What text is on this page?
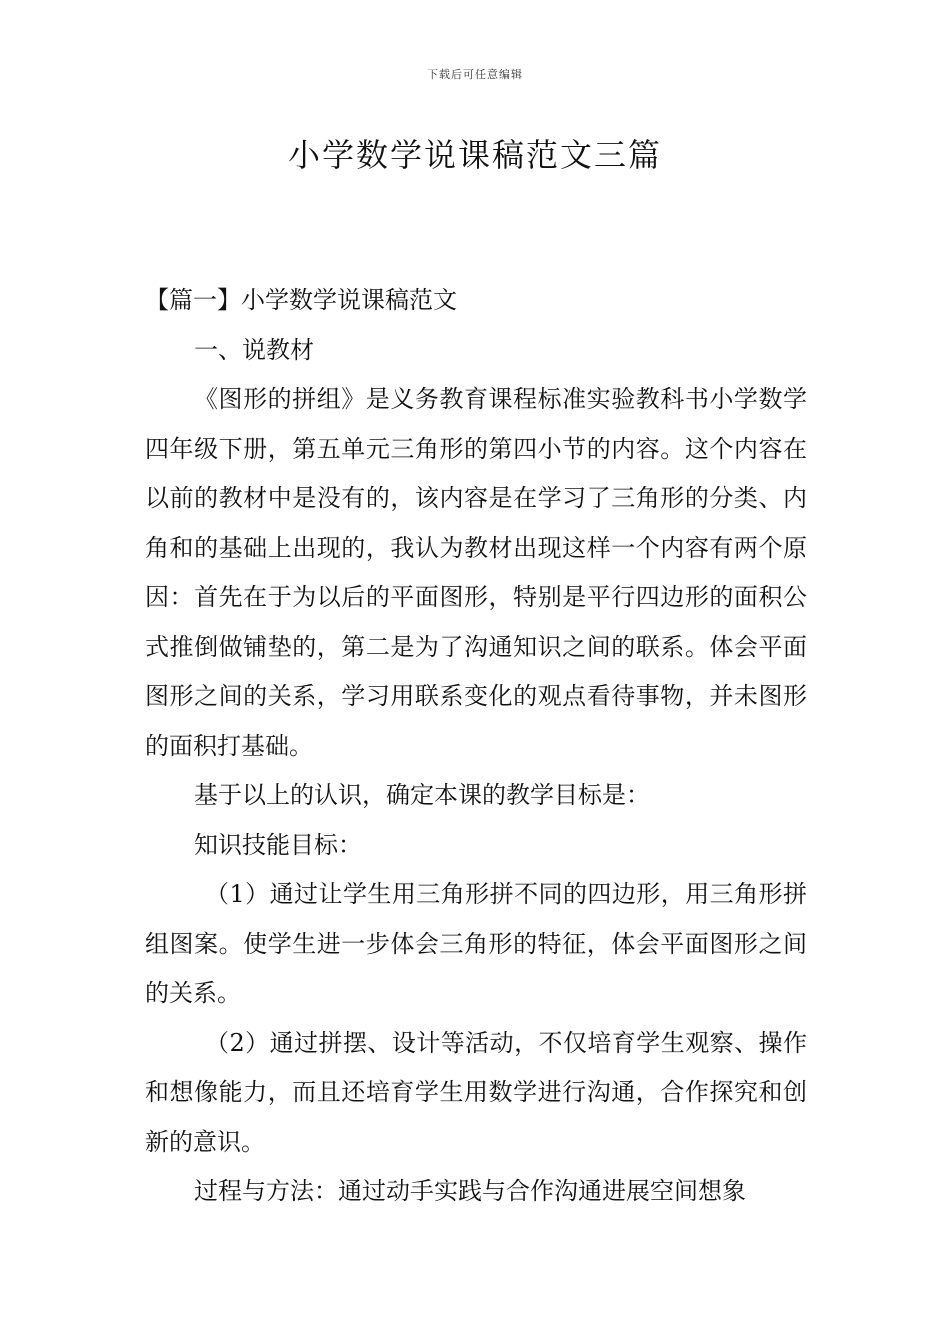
下载后可任意编辑
小学数学说课稿范文三篇

【篇一】小学数学说课稿范文

一、说教材

《图形的拼组》是义务教育课程标准实验教科书小学数学四年级下册，第五单元三角形的第四小节的内容。这个内容在以前的教材中是没有的，该内容是在学习了三角形的分类、内角和的基础上出现的，我认为教材出现这样一个内容有两个原因：首先在于为以后的平面图形，特别是平行四边形的面积公式推倒做铺垫的，第二是为了沟通知识之间的联系。体会平面图形之间的关系，学习用联系变化的观点看待事物，并未图形的面积打基础。

基于以上的认识，确定本课的教学目标是：

知识技能目标：

（1）通过让学生用三角形拼不同的四边形，用三角形拼组图案。使学生进一步体会三角形的特征，体会平面图形之间的关系。

（2）通过拼摆、设计等活动，不仅培育学生观察、操作和想像能力，而且还培育学生用数学进行沟通，合作探究和创新的意识。

过程与方法：通过动手实践与合作沟通进展空间想象
